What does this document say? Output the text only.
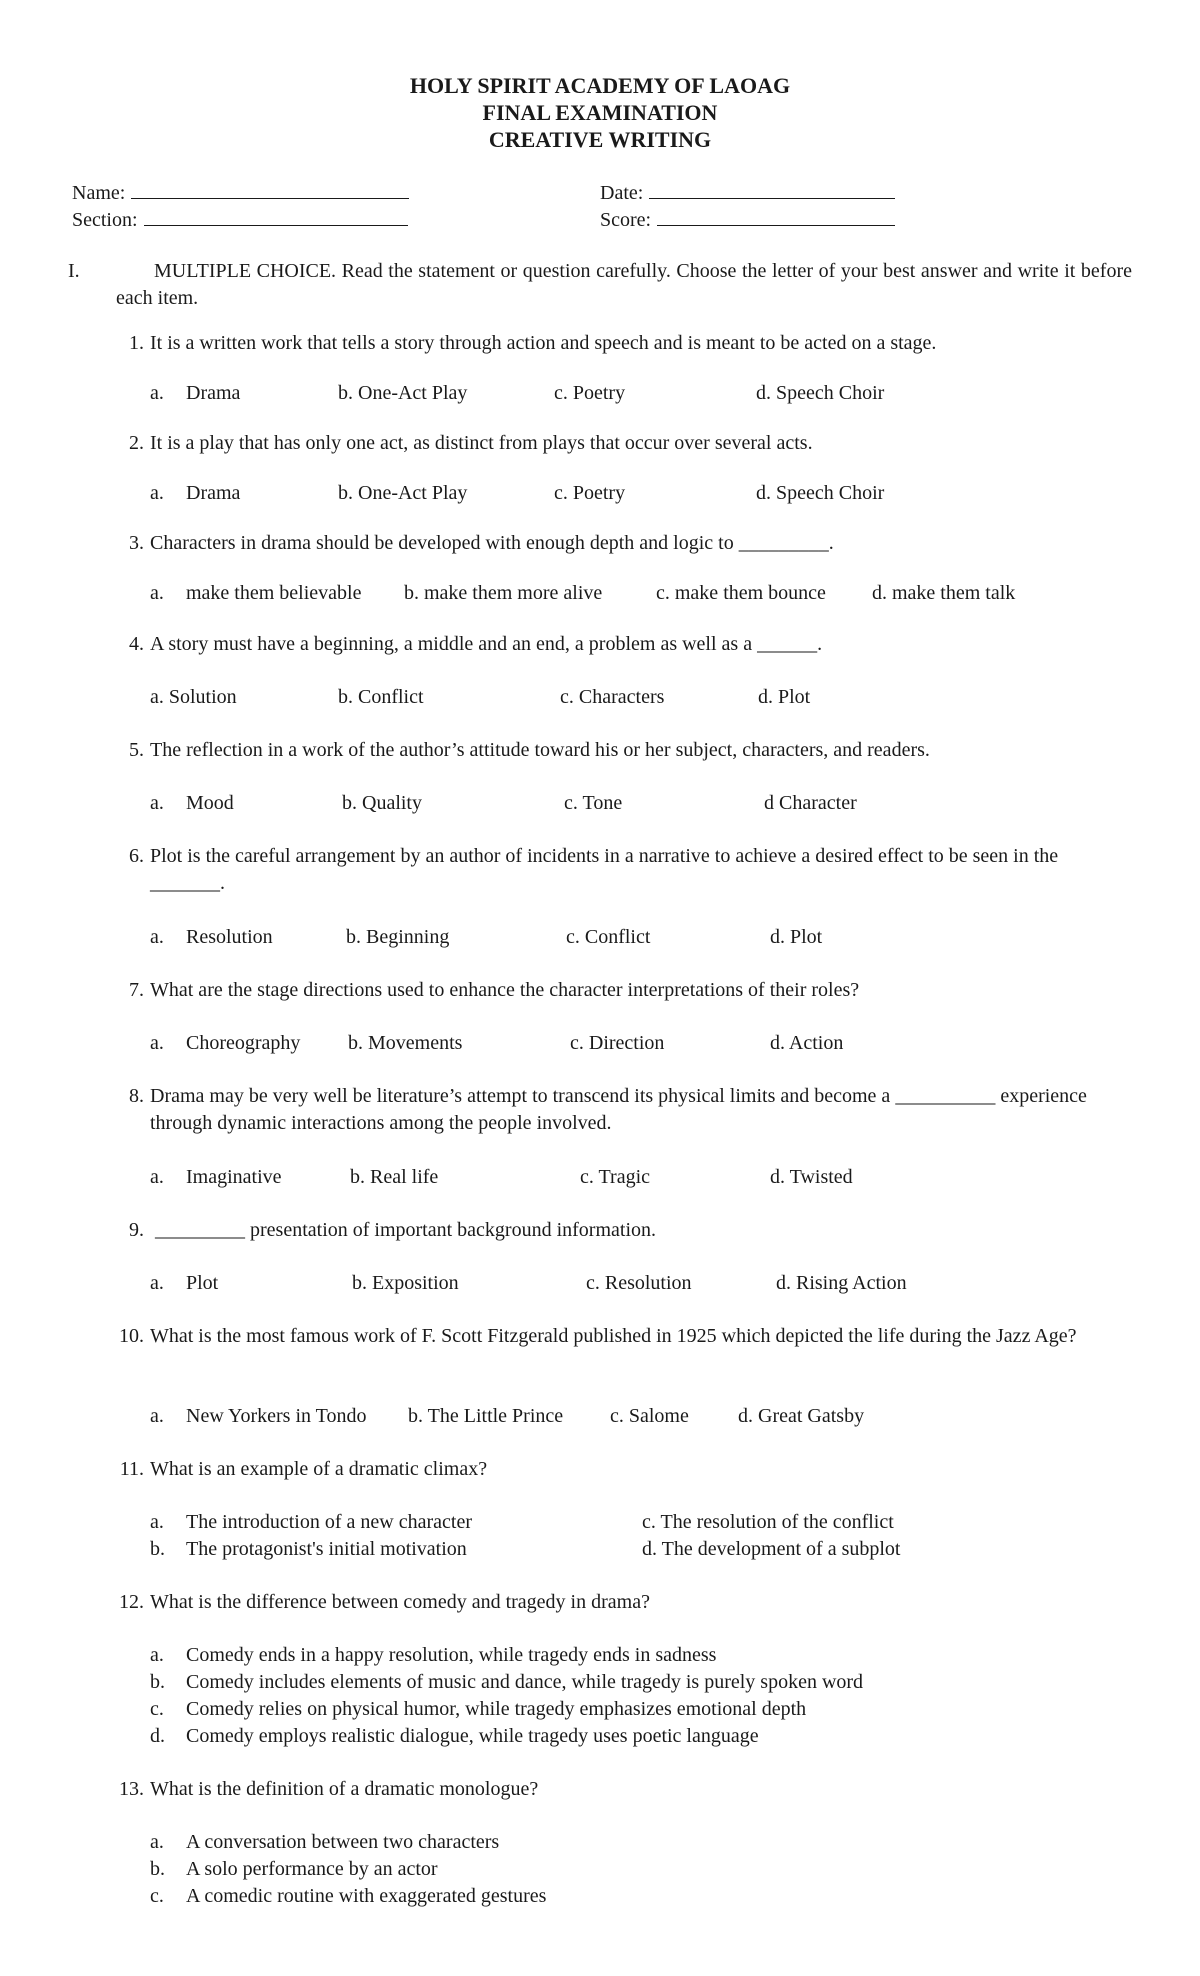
HOLY SPIRIT ACADEMY OF LAOAG
FINAL EXAMINATION
CREATIVE WRITING
Name:	Date:
Section:	Score:
I.	MULTIPLE CHOICE. Read the statement or question carefully. Choose the letter of your best answer and write it before each item.
1. It is a written work that tells a story through action and speech and is meant to be acted on a stage.
a. Drama	b. One-Act Play	c. Poetry	d. Speech Choir
2. It is a play that has only one act, as distinct from plays that occur over several acts.
a. Drama	b. One-Act Play	c. Poetry	d. Speech Choir
3. Characters in drama should be developed with enough depth and logic to _________.
a. make them believable b. make them more alive	c. make them bounce d. make them talk
4. A story must have a beginning, a middle and an end, a problem as well as a ______.
a. Solution	b. Conflict	c. Characters	d. Plot
5. The reflection in a work of the author’s attitude toward his or her subject, characters, and readers.
a. Mood	b. Quality	c. Tone	d Character
6. Plot is the careful arrangement by an author of incidents in a narrative to achieve a desired effect to be seen in the _______.
a. Resolution	b. Beginning	c. Conflict	d. Plot
7. What are the stage directions used to enhance the character interpretations of their roles?
a. Choreography b. Movements	c. Direction	d. Action
8. Drama may be very well be literature’s attempt to transcend its physical limits and become a __________ experience through dynamic interactions among the people involved.
a. Imaginative	b. Real life	c. Tragic	d. Twisted
9. _________ presentation of important background information.
a. Plot	b. Exposition	c. Resolution	d. Rising Action
10. What is the most famous work of F. Scott Fitzgerald published in 1925 which depicted the life during the Jazz Age?
a. New Yorkers in Tondo b. The Little Prince c. Salome d. Great Gatsby
11. What is an example of a dramatic climax?
a. The introduction of a new character	c. The resolution of the conflict
b. The protagonist's initial motivation	d. The development of a subplot
12. What is the difference between comedy and tragedy in drama?
a. Comedy ends in a happy resolution, while tragedy ends in sadness
b. Comedy includes elements of music and dance, while tragedy is purely spoken word
c. Comedy relies on physical humor, while tragedy emphasizes emotional depth
d. Comedy employs realistic dialogue, while tragedy uses poetic language
13. What is the definition of a dramatic monologue?
a. A conversation between two characters
b. A solo performance by an actor
c. A comedic routine with exaggerated gestures
